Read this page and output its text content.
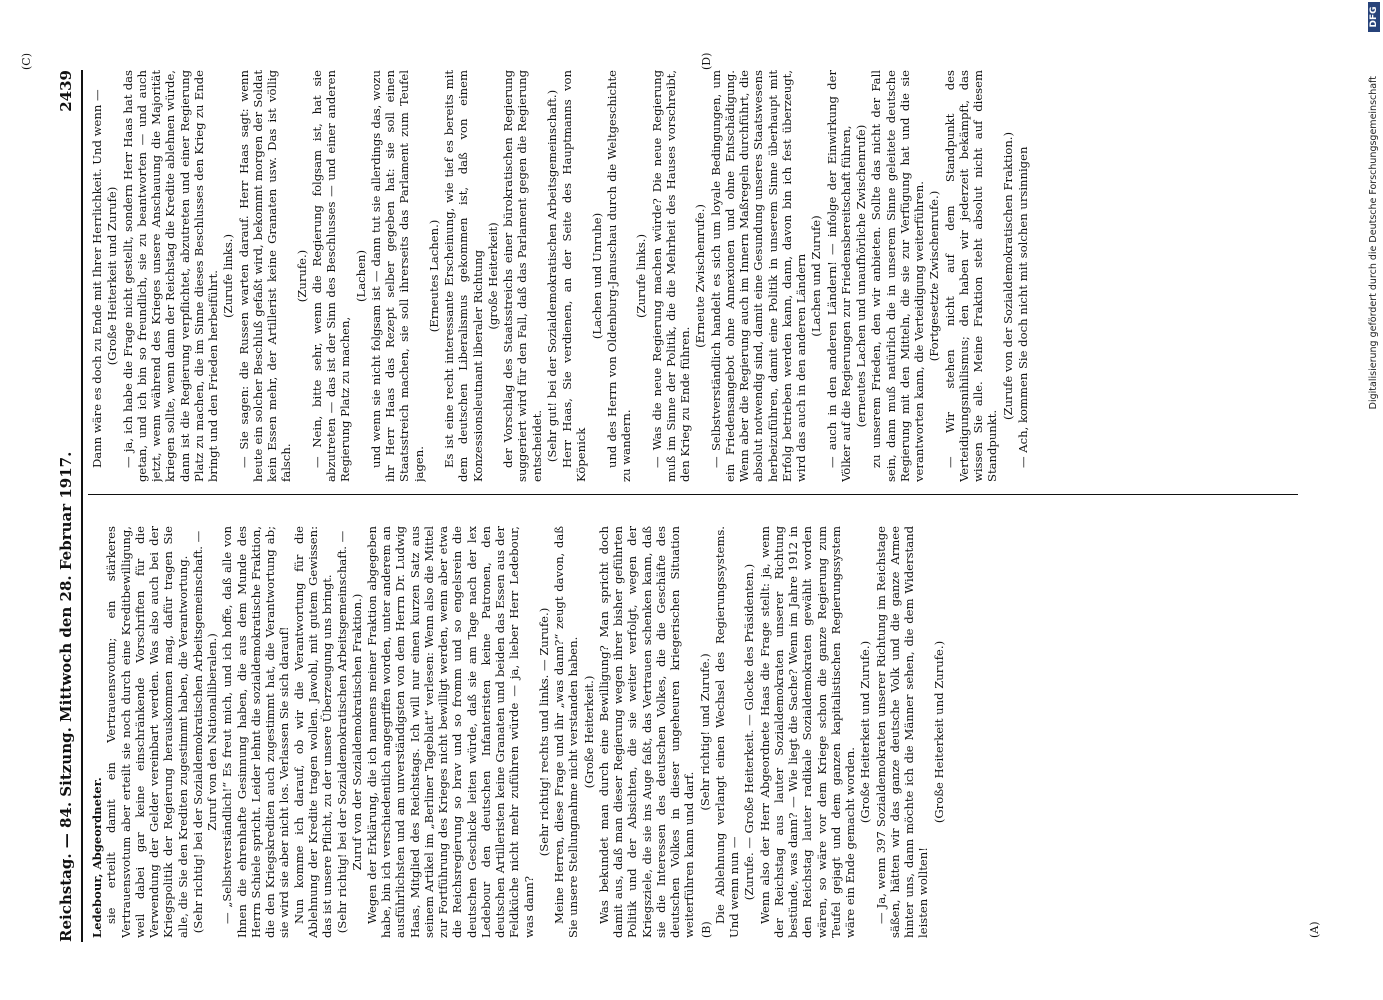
Reichstag. — 84. Sitzung. Mittwoch den 28. Februar 1917.
2439
(A)
(B)
(C)	(D)

Ledebour, Abgeordneter. sie erteilt damit ein Vertrauensvotum; ein stärkeres Vertrauensvotum aber erteilt sie noch durch eine Kreditbewilligung, weil dabei gar keine einschränkende Vorschriften für die Verwendung der Gelder vereinbart werden. Was also auch bei der Kriegspolitik der Regierung herauskommen mag, dafür tragen Sie alle, die Sie den Krediten zugestimmt haben, die Verantwortung. (Sehr richtig! bei der Sozialdemokratischen Arbeitsgemeinschaft. — Zuruf von den Nationalliberalen.) — „Selbstverständlich!“ Es freut mich, und ich hoffe, daß alle von Ihnen die ehrenhafte Gesinnung haben, die aus dem Munde des Herrn Schiele spricht. Leider lehnt die sozialdemokratische Fraktion, die den Kriegskrediten auch zugestimmt hat, die Verantwortung ab; sie wird sie aber nicht los. Verlassen Sie sich darauf! Nun komme ich darauf, ob wir die Verantwortung für die Ablehnung der Kredite tragen wollen. Jawohl, mit gutem Gewissen: das ist unsere Pflicht, zu der unsere Überzeugung uns bringt. (Sehr richtig! bei der Sozialdemokratischen Arbeitsgemeinschaft. — Zuruf von der Sozialdemokratischen Fraktion.) Wegen der Erklärung, die ich namens meiner Fraktion abgegeben habe, bin ich verschiedentlich angegriffen worden, unter anderem an ausführlichsten und am unverständigsten von dem Herrn Dr. Ludwig Haas, Mitglied des Reichstags. Ich will nur einen kurzen Satz aus seinem Artikel im „Berliner Tageblatt“ verlesen: Wenn also die Mittel zur Fortführung des Krieges nicht bewilligt werden, wenn aber etwa die Reichsregierung so brav und so fromm und so engelsrein die deutschen Geschicke leiten würde, daß sie am Tage nach der lex Ledebour den deutschen Infanteristen keine Patronen, den deutschen Artilleristen keine Granaten und beiden das Essen aus der Feldküche nicht mehr zuführen würde — ja, lieber Herr Ledebour, was dann?

(Sehr richtig! rechts und links. — Zurufe.) Meine Herren, diese Frage und ihr „was dann?“ zeugt davon, daß Sie unsere Stellungnahme nicht verstanden haben. (Große Heiterkeit.) Was bekundet man durch eine Bewilligung? Man spricht doch damit aus, daß man dieser Regierung wegen ihrer bisher geführten Politik und der Absichten, die sie weiter verfolgt, wegen der Kriegsziele, die sie ins Auge faßt, das Vertrauen schenken kann, daß sie die Interessen des deutschen Volkes, die die Geschäfte des deutschen Volkes in dieser ungeheuren kriegerischen Situation weiterführen kann und darf.

(Sehr richtig! und Zurufe.) Die Ablehnung verlangt einen Wechsel des Regierungssystems. Und wenn nun — (Zurufe. — Große Heiterkeit. — Glocke des Präsidenten.) Wenn also der Herr Abgeordnete Haas die Frage stellt: ja, wenn der Reichstag aus lauter Sozialdemokraten unserer Richtung bestünde, was dann? — Wie liegt die Sache? Wenn im Jahre 1912 in den Reichstag lauter radikale Sozialdemokraten gewählt worden wären, so wäre vor dem Kriege schon die ganze Regierung zum Teufel gejagt und dem ganzen kapitalistischen Regierungssystem wäre ein Ende gemacht worden.

(Große Heiterkeit und Zurufe.) — Ja, wenn 397 Sozialdemokraten unserer Richtung im Reichstage säßen, hätten wir das ganze deutsche Volk und die ganze Armee hinter uns, dann möchte ich die Männer sehen, die dem Widerstand leisten wollten!

(Große Heiterkeit und Zurufe.)

Dann wäre es doch zu Ende mit Ihrer Herrlichkeit. Und wenn — (Große Heiterkeit und Zurufe) — ja, ich habe die Frage nicht gestellt, sondern Herr Haas hat das getan, und ich bin so freundlich, sie zu beantworten — und auch jetzt, wenn während des Krieges unsere Anschauung die Majorität kriegen sollte, wenn dann der Reichstag die Kredite ablehnen würde, dann ist die Regierung verpflichtet, abzutreten und einer Regierung Platz zu machen, die im Sinne dieses Beschlusses den Krieg zu Ende bringt und den Frieden herbeiführt. (Zurufe links.) — Sie sagen: die Russen warten darauf. Herr Haas sagt: wenn heute ein solcher Beschluß gefaßt wird, bekommt morgen der Soldat kein Essen mehr, der Artillerist keine Granaten usw. Das ist völlig falsch.

(Zurufe.) — Nein, bitte sehr, wenn die Regierung folgsam ist, hat sie abzutreten — das ist der Sinn des Beschlusses — und einer anderen Regierung Platz zu machen,

(Lachen) und wenn sie nicht folgsam ist — dann tut sie allerdings das, wozu ihr Herr Haas das Rezept selber gegeben hat: sie soll einen Staatsstreich machen, sie soll ihrerseits das Parlament zum Teufel jagen.

(Erneutes Lachen.) Es ist eine recht interessante Erscheinung, wie tief es bereits mit dem deutschen Liberalismus gekommen ist, daß von einem Konzessionsleutnant liberaler Richtung (große Heiterkeit) der Vorschlag des Staatsstreichs einer bürokratischen Regierung suggeriert wird für den Fall, daß das Parlament gegen die Regierung entscheidet. (Sehr gut! bei der Sozialdemokratischen Arbeitsgemeinschaft.) Herr Haas, Sie verdienen, an der Seite des Hauptmanns von Köpenick

(Lachen und Unruhe) und des Herrn von Oldenburg-Januschau durch die Weltgeschichte zu wandern.

(Zurufe links.) — Was die neue Regierung machen würde? Die neue Regierung muß im Sinne der Politik, die die Mehrheit des Hauses vorschreibt, den Krieg zu Ende führen.

(Erneute Zwischenrufe.) — Selbstverständlich handelt es sich um loyale Bedingungen, um ein Friedensangebot ohne Annexionen und ohne Entschädigung. Wenn aber die Regierung auch im Innern Maßregeln durchführt, die absolut notwendig sind, damit eine Gesundung unseres Staatswesens herbeizuführen, damit eine Politik in unserem Sinne überhaupt mit Erfolg betrieben werden kann, dann, davon bin ich fest überzeugt, wird das auch in den anderen Ländern (Lachen und Zurufe) — auch in den anderen Ländern! — infolge der Einwirkung der Völker auf die Regierungen zur Friedensbereitschaft führen, (erneutes Lachen und unaufhörliche Zwischenrufe) zu unserem Frieden, den wir anbieten. Sollte das nicht der Fall sein, dann muß natürlich die in unserem Sinne geleitete deutsche Regierung mit den Mitteln, die sie zur Verfügung hat und die sie verantworten kann, die Verteidigung weiterführen. (Fortgesetzte Zwischenrufe.) — Wir stehen nicht auf dem Standpunkt des Verteidigungsnihilismus; den haben wir jederzeit bekämpft, das wissen Sie alle. Meine Fraktion steht absolut nicht auf diesem Standpunkt.

(Zurufe von der Sozialdemokratischen Fraktion.) — Ach, kommen Sie doch nicht mit solchen ursinnigen	Digitalisierung gefördert durch die Deutsche Forschungsgemeinschaft
DFG
